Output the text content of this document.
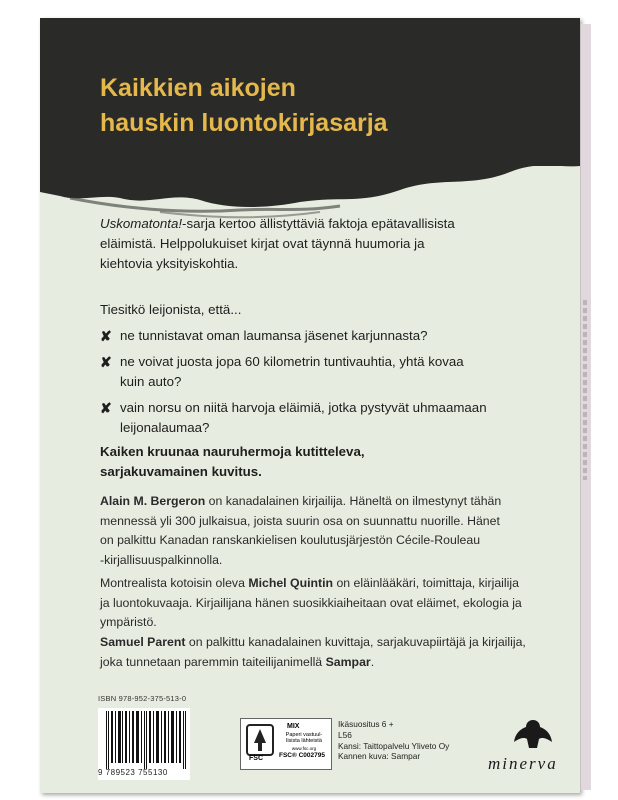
Kaikkien aikojen
hauskin luontokirjasarja
Uskomatonta!-sarja kertoo ällistyttäviä faktoja epätavallisista
eläimistä. Helppolukuiset kirjat ovat täynnä huumoria ja
kiehtovia yksityiskohtia.
Tiesitkö leijonista, että...
✘ ne tunnistavat oman laumansa jäsenet karjunnasta?
✘ ne voivat juosta jopa 60 kilometrin tuntivauhtia, yhtä kovaa
kuin auto?
✘ vain norsu on niitä harvoja eläimiä, jotka pystyvät uhmaamaan
leijonalaumaa?
Kaiken kruunaa nauruhermoja kutitteleva,
sarjakuvamainen kuvitus.
Alain M. Bergeron on kanadalainen kirjailija. Häneltä on ilmestynyt tähän
mennessä yli 300 julkaisua, joista suurin osa on suunnattu nuorille. Hänet
on palkittu Kanadan ranskankielisen koulutusjärjestön Cécile-Rouleau
-kirjallisuuspalkinnolla.
Montrealista kotoisin oleva Michel Quintin on eläinlääkäri, toimittaja, kirjailija
ja luontokuvaaja. Kirjailijana hänen suosikkiaiheitaan ovat eläimet, ekologia ja
ympäristö.
Samuel Parent on palkittu kanadalainen kuvittaja, sarjakuvapiirtäjä ja kirjailija,
joka tunnetaan paremmin taiteilijanimellä Sampar.
ISBN 978-952-375-513-0
9 789523 755130
FSC
MIX
Paperi vastuul-lisista lähteistä
www.fsc.org
FSC® C002795
Ikäsuositus 6 +
L56
Kansi: Taittopalvelu Yliveto Oy
Kannen kuva: Sampar	minerva
